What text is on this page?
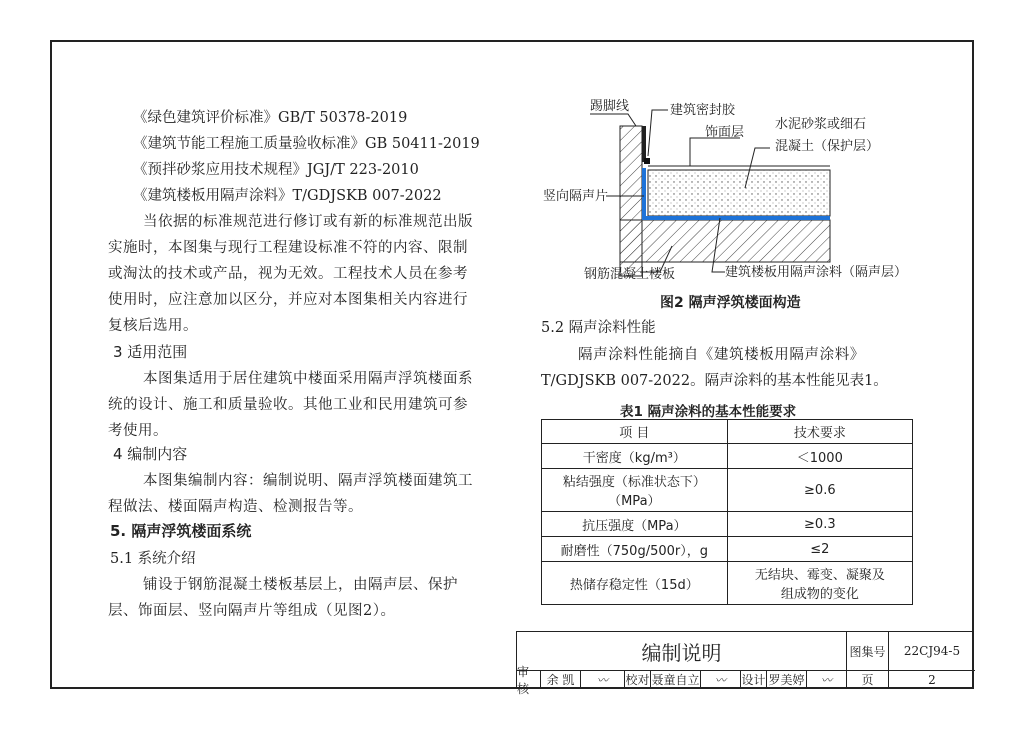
《绿色建筑评价标准》GB/T 50378-2019
《建筑节能工程施工质量验收标准》GB 50411-2019
《预拌砂浆应用技术规程》JGJ/T 223-2010
《建筑楼板用隔声涂料》T/GDJSKB 007-2022
当依据的标准规范进行修订或有新的标准规范出版
实施时，本图集与现行工程建设标准不符的内容、限制
或淘汰的技术或产品，视为无效。工程技术人员在参考
使用时，应注意加以区分，并应对本图集相关内容进行
复核后选用。
3 适用范围
本图集适用于居住建筑中楼面采用隔声浮筑楼面系
统的设计、施工和质量验收。其他工业和民用建筑可参
考使用。
4 编制内容
本图集编制内容：编制说明、隔声浮筑楼面建筑工
程做法、楼面隔声构造、检测报告等。
5. 隔声浮筑楼面系统
5.1 系统介绍
铺设于钢筋混凝土楼板基层上，由隔声层、保护
层、饰面层、竖向隔声片等组成（见图2）。
踢脚线	建筑密封胶
饰面层
水泥砂浆或细石
混凝土（保护层）
竖向隔声片
钢筋混凝土楼板	建筑楼板用隔声涂料（隔声层）
图2 隔声浮筑楼面构造
5.2 隔声涂料性能
隔声涂料性能摘自《建筑楼板用隔声涂料》
T/GDJSKB 007-2022。隔声涂料的基本性能见表1。
表1 隔声涂料的基本性能要求
项 目	技术要求
干密度（kg/m³）	＜1000
粘结强度（标准状态下）
（MPa）	≥0.6
抗压强度（MPa）	≥0.3
耐磨性（750g/500r），g	≤2
热储存稳定性（15d）	无结块、霉变、凝聚及
组成物的变化
编制说明	图集号	22CJ94-5
审核
余 凯	〰	校对 聂童自立	〰	设计 罗美婷	〰	页	2
